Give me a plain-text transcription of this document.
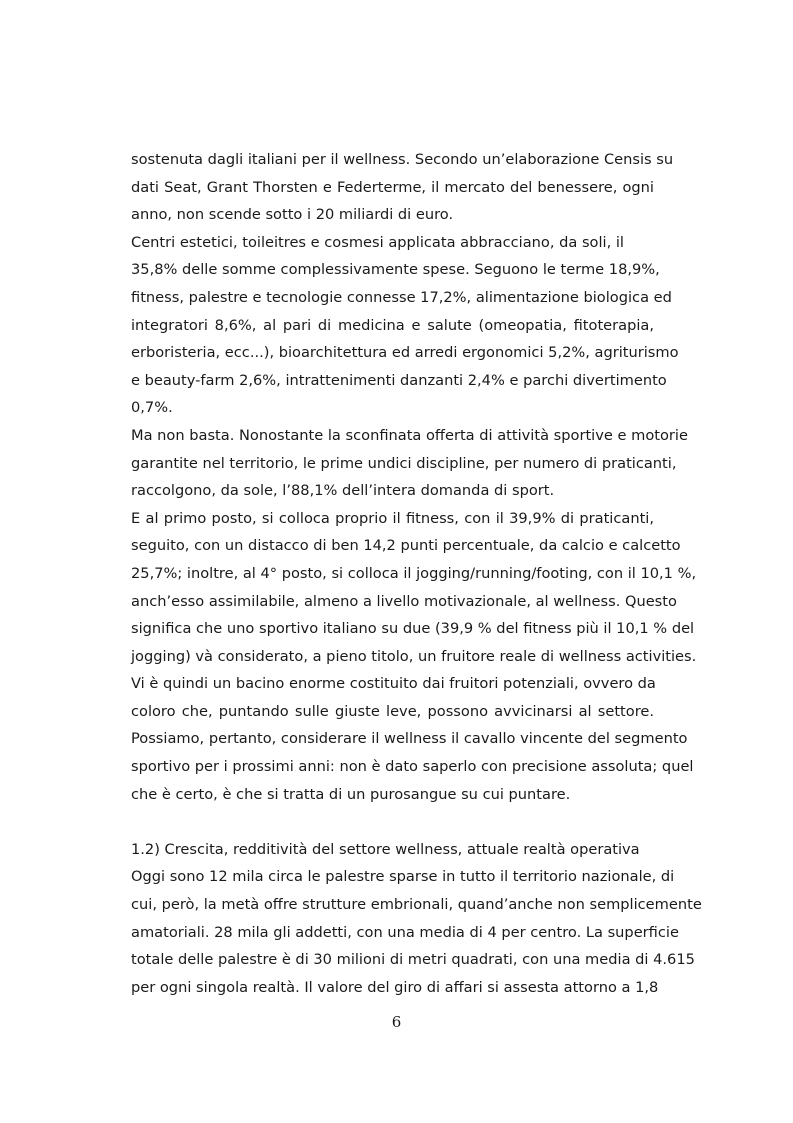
sostenuta dagli italiani per il wellness. Secondo un’elaborazione Censis su
dati Seat, Grant Thorsten e Federterme, il mercato del benessere, ogni
anno, non scende sotto i 20 miliardi di euro.
Centri estetici, toileitres e cosmesi applicata abbracciano, da soli, il
35,8% delle somme complessivamente spese. Seguono le terme 18,9%,
fitness, palestre e tecnologie connesse 17,2%, alimentazione biologica ed
integratori 8,6%, al pari di medicina e salute (omeopatia, fitoterapia,
erboristeria, ecc...), bioarchitettura ed arredi ergonomici 5,2%, agriturismo
e beauty-farm 2,6%, intrattenimenti danzanti 2,4% e parchi divertimento
0,7%.
Ma non basta. Nonostante la sconfinata offerta di attività sportive e motorie
garantite nel territorio, le prime undici discipline, per numero di praticanti,
raccolgono, da sole, l’88,1% dell’intera domanda di sport.
E al primo posto, si colloca proprio il fitness, con il 39,9% di praticanti,
seguito, con un distacco di ben 14,2 punti percentuale, da calcio e calcetto
25,7%; inoltre, al 4° posto, si colloca il jogging/running/footing, con il 10,1 %,
anch’esso assimilabile, almeno a livello motivazionale, al wellness. Questo
significa che uno sportivo italiano su due (39,9 % del fitness più il 10,1 % del
jogging) và considerato, a pieno titolo, un fruitore reale di wellness activities.
Vi è quindi un bacino enorme costituito dai fruitori potenziali, ovvero da
coloro che, puntando sulle giuste leve, possono avvicinarsi al settore.
Possiamo, pertanto, considerare il wellness il cavallo vincente del segmento
sportivo per i prossimi anni: non è dato saperlo con precisione assoluta; quel
che è certo, è che si tratta di un purosangue su cui puntare.
1.2) Crescita, redditività del settore wellness, attuale realtà operativa
Oggi sono 12 mila circa le palestre sparse in tutto il territorio nazionale, di
cui, però, la metà offre strutture embrionali, quand’anche non semplicemente
amatoriali. 28 mila gli addetti, con una media di 4 per centro. La superficie
totale delle palestre è di 30 milioni di metri quadrati, con una media di 4.615
per ogni singola realtà. Il valore del giro di affari si assesta attorno a 1,8
6
